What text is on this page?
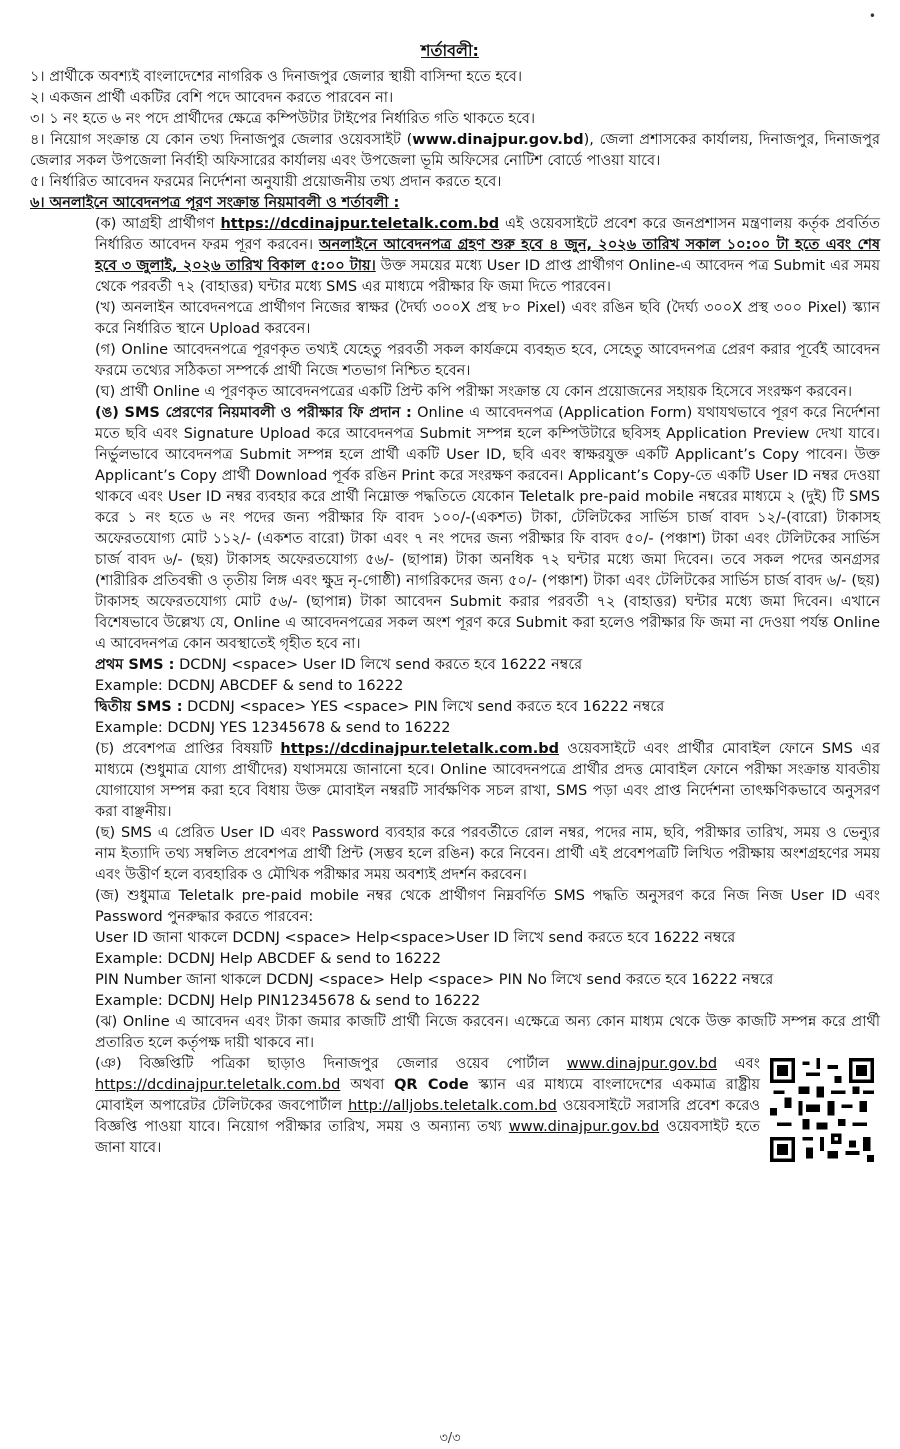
•
শর্তাবলী:

১। প্রার্থীকে অবশ্যই বাংলাদেশের নাগরিক ও দিনাজপুর জেলার স্থায়ী বাসিন্দা হতে হবে।

২। একজন প্রার্থী একটির বেশি পদে আবেদন করতে পারবেন না।

৩। ১ নং হতে ৬ নং পদে প্রার্থীদের ক্ষেত্রে কম্পিউটার টাইপের নির্ধারিত গতি থাকতে হবে।

৪। নিয়োগ সংক্রান্ত যে কোন তথ্য দিনাজপুর জেলার ওয়েবসাইট (www.dinajpur.gov.bd), জেলা প্রশাসকের কার্যালয়, দিনাজপুর, দিনাজপুর জেলার সকল উপজেলা নির্বাহী অফিসারের কার্যালয় এবং উপজেলা ভূমি অফিসের নোটিশ বোর্ডে পাওয়া যাবে।

৫। নির্ধারিত আবেদন ফরমের নির্দেশনা অনুযায়ী প্রয়োজনীয় তথ্য প্রদান করতে হবে।

৬। অনলাইনে আবেদনপত্র পূরণ সংক্রান্ত নিয়মাবলী ও শর্তাবলী :

(ক) আগ্রহী প্রার্থীগণ https://dcdinajpur.teletalk.com.bd এই ওয়েবসাইটে প্রবেশ করে জনপ্রশাসন মন্ত্রণালয় কর্তৃক প্রবর্তিত নির্ধারিত আবেদন ফরম পূরণ করবেন। অনলাইনে আবেদনপত্র গ্রহণ শুরু হবে ৪ জুন, ২০২৬ তারিখ সকাল ১০:০০ টা হতে এবং শেষ হবে ৩ জুলাই, ২০২৬ তারিখ বিকাল ৫:০০ টায়। উক্ত সময়ের মধ্যে User ID প্রাপ্ত প্রার্থীগণ Online-এ আবেদন পত্র Submit এর সময় থেকে পরবর্তী ৭২ (বাহাত্তর) ঘন্টার মধ্যে SMS এর মাধ্যমে পরীক্ষার ফি জমা দিতে পারবেন।

(খ) অনলাইন আবেদনপত্রে প্রার্থীগণ নিজের স্বাক্ষর (দৈর্ঘ্য ৩০০X প্রস্থ ৮০ Pixel) এবং রঙিন ছবি (দৈর্ঘ্য ৩০০X প্রস্থ ৩০০ Pixel) স্ক্যান করে নির্ধারিত স্থানে Upload করবেন।

(গ) Online আবেদনপত্রে পূরণকৃত তথ্যই যেহেতু পরবর্তী সকল কার্যক্রমে ব্যবহৃত হবে, সেহেতু আবেদনপত্র প্রেরণ করার পূর্বেই আবেদন ফরমে তথ্যের সঠিকতা সম্পর্কে প্রার্থী নিজে শতভাগ নিশ্চিত হবেন।

(ঘ) প্রার্থী Online এ পূরণকৃত আবেদনপত্রের একটি প্রিন্ট কপি পরীক্ষা সংক্রান্ত যে কোন প্রয়োজনের সহায়ক হিসেবে সংরক্ষণ করবেন।

(ঙ) SMS প্রেরণের নিয়মাবলী ও পরীক্ষার ফি প্রদান : Online এ আবেদনপত্র (Application Form) যথাযথভাবে পূরণ করে নির্দেশনা মতে ছবি এবং Signature Upload করে আবেদনপত্র Submit সম্পন্ন হলে কম্পিউটারে ছবিসহ Application Preview দেখা যাবে। নির্ভুলভাবে আবেদনপত্র Submit সম্পন্ন হলে প্রার্থী একটি User ID, ছবি এবং স্বাক্ষরযুক্ত একটি Applicant’s Copy পাবেন। উক্ত Applicant’s Copy প্রার্থী Download পূর্বক রঙিন Print করে সংরক্ষণ করবেন। Applicant’s Copy-তে একটি User ID নম্বর দেওয়া থাকবে এবং User ID নম্বর ব্যবহার করে প্রার্থী নিম্নোক্ত পদ্ধতিতে যেকোন Teletalk pre-paid mobile নম্বরের মাধ্যমে ২ (দুই) টি SMS করে ১ নং হতে ৬ নং পদের জন্য পরীক্ষার ফি বাবদ ১০০/-(একশত) টাকা, টেলিটকের সার্ভিস চার্জ বাবদ ১২/-(বারো) টাকাসহ অফেরতযোগ্য মোট ১১২/- (একশত বারো) টাকা এবং ৭ নং পদের জন্য পরীক্ষার ফি বাবদ ৫০/- (পঞ্চাশ) টাকা এবং টেলিটকের সার্ভিস চার্জ বাবদ ৬/- (ছয়) টাকাসহ অফেরতযোগ্য ৫৬/- (ছাপান্ন) টাকা অনধিক ৭২ ঘন্টার মধ্যে জমা দিবেন। তবে সকল পদের অনগ্রসর (শারীরিক প্রতিবন্ধী ও তৃতীয় লিঙ্গ এবং ক্ষুদ্র নৃ-গোষ্ঠী) নাগরিকদের জন্য ৫০/- (পঞ্চাশ) টাকা এবং টেলিটকের সার্ভিস চার্জ বাবদ ৬/- (ছয়) টাকাসহ অফেরতযোগ্য মোট ৫৬/- (ছাপান্ন) টাকা আবেদন Submit করার পরবর্তী ৭২ (বাহাত্তর) ঘন্টার মধ্যে জমা দিবেন। এখানে বিশেষভাবে উল্লেখ্য যে, Online এ আবেদনপত্রের সকল অংশ পূরণ করে Submit করা হলেও পরীক্ষার ফি জমা না দেওয়া পর্যন্ত Online এ আবেদনপত্র কোন অবস্থাতেই গৃহীত হবে না।

প্রথম SMS : DCDNJ <space> User ID লিখে send করতে হবে 16222 নম্বরে

Example: DCDNJ ABCDEF & send to 16222

দ্বিতীয় SMS : DCDNJ <space> YES <space> PIN লিখে send করতে হবে 16222 নম্বরে

Example: DCDNJ YES 12345678 & send to 16222

(চ) প্রবেশপত্র প্রাপ্তির বিষয়টি https://dcdinajpur.teletalk.com.bd ওয়েবসাইটে এবং প্রার্থীর মোবাইল ফোনে SMS এর মাধ্যমে (শুধুমাত্র যোগ্য প্রার্থীদের) যথাসময়ে জানানো হবে। Online আবেদনপত্রে প্রার্থীর প্রদত্ত মোবাইল ফোনে পরীক্ষা সংক্রান্ত যাবতীয় যোগাযোগ সম্পন্ন করা হবে বিধায় উক্ত মোবাইল নম্বরটি সার্বক্ষণিক সচল রাখা, SMS পড়া এবং প্রাপ্ত নির্দেশনা তাৎক্ষণিকভাবে অনুসরণ করা বাঞ্ছনীয়।

(ছ) SMS এ প্রেরিত User ID এবং Password ব্যবহার করে পরবর্তীতে রোল নম্বর, পদের নাম, ছবি, পরীক্ষার তারিখ, সময় ও ভেন্যুর নাম ইত্যাদি তথ্য সম্বলিত প্রবেশপত্র প্রার্থী প্রিন্ট (সম্ভব হলে রঙিন) করে নিবেন। প্রার্থী এই প্রবেশপত্রটি লিখিত পরীক্ষায় অংশগ্রহণের সময় এবং উত্তীর্ণ হলে ব্যবহারিক ও মৌখিক পরীক্ষার সময় অবশ্যই প্রদর্শন করবেন।

(জ) শুধুমাত্র Teletalk pre-paid mobile নম্বর থেকে প্রার্থীগণ নিম্নবর্ণিত SMS পদ্ধতি অনুসরণ করে নিজ নিজ User ID এবং Password পুনরুদ্ধার করতে পারবেন:

User ID জানা থাকলে DCDNJ <space> Help<space>User ID লিখে send করতে হবে 16222 নম্বরে

Example: DCDNJ Help ABCDEF & send to 16222

PIN Number জানা থাকলে DCDNJ <space> Help <space> PIN No লিখে send করতে হবে 16222 নম্বরে

Example: DCDNJ Help PIN12345678 & send to 16222

(ঝ) Online এ আবেদন এবং টাকা জমার কাজটি প্রার্থী নিজে করবেন। এক্ষেত্রে অন্য কোন মাধ্যম থেকে উক্ত কাজটি সম্পন্ন করে প্রার্থী প্রতারিত হলে কর্তৃপক্ষ দায়ী থাকবে না।

(ঞ) বিজ্ঞপ্তিটি পত্রিকা ছাড়াও দিনাজপুর জেলার ওয়েব পোর্টাল www.dinajpur.gov.bd এবং https://dcdinajpur.teletalk.com.bd অথবা QR Code স্ক্যান এর মাধ্যমে বাংলাদেশের একমাত্র রাষ্ট্রীয় মোবাইল অপারেটর টেলিটকের জবপোর্টাল http://alljobs.teletalk.com.bd ওয়েবসাইটে সরাসরি প্রবেশ করেও বিজ্ঞপ্তি পাওয়া যাবে। নিয়োগ পরীক্ষার তারিখ, সময় ও অন্যান্য তথ্য www.dinajpur.gov.bd ওয়েবসাইট হতে জানা যাবে।

৩/৩
